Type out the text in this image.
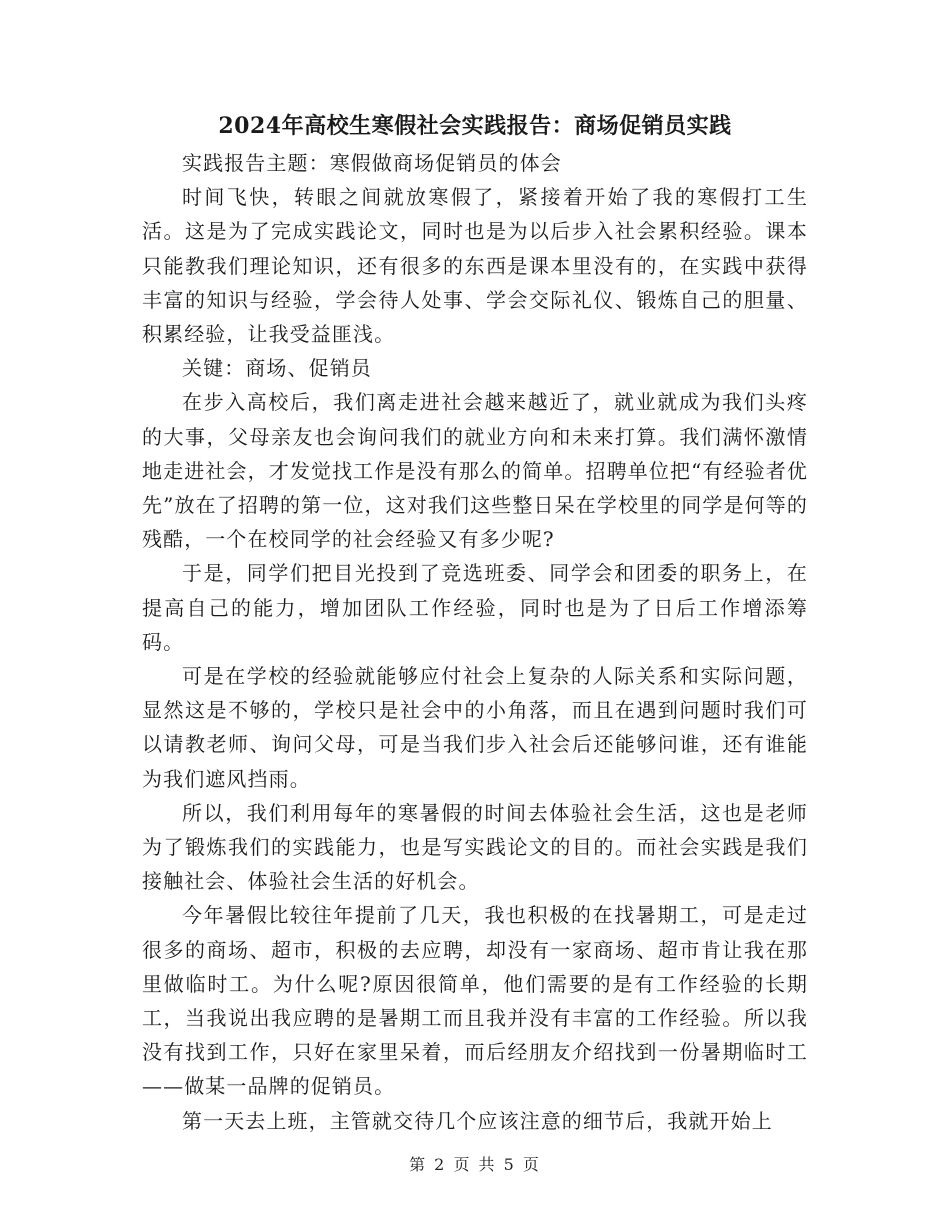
2024年高校生寒假社会实践报告：商场促销员实践

实践报告主题：寒假做商场促销员的体会

时间飞快，转眼之间就放寒假了，紧接着开始了我的寒假打工生活。这是为了完成实践论文，同时也是为以后步入社会累积经验。课本只能教我们理论知识，还有很多的东西是课本里没有的，在实践中获得丰富的知识与经验，学会待人处事、学会交际礼仪、锻炼自己的胆量、积累经验，让我受益匪浅。

关键：商场、促销员

在步入高校后，我们离走进社会越来越近了，就业就成为我们头疼的大事，父母亲友也会询问我们的就业方向和未来打算。我们满怀激情地走进社会，才发觉找工作是没有那么的简单。招聘单位把“有经验者优先”放在了招聘的第一位，这对我们这些整日呆在学校里的同学是何等的残酷，一个在校同学的社会经验又有多少呢?

于是，同学们把目光投到了竞选班委、同学会和团委的职务上，在提高自己的能力，增加团队工作经验，同时也是为了日后工作增添筹码。

可是在学校的经验就能够应付社会上复杂的人际关系和实际问题，显然这是不够的，学校只是社会中的小角落，而且在遇到问题时我们可以请教老师、询问父母，可是当我们步入社会后还能够问谁，还有谁能为我们遮风挡雨。

所以，我们利用每年的寒暑假的时间去体验社会生活，这也是老师为了锻炼我们的实践能力，也是写实践论文的目的。而社会实践是我们接触社会、体验社会生活的好机会。

今年暑假比较往年提前了几天，我也积极的在找暑期工，可是走过很多的商场、超市，积极的去应聘，却没有一家商场、超市肯让我在那里做临时工。为什么呢?原因很简单，他们需要的是有工作经验的长期工，当我说出我应聘的是暑期工而且我并没有丰富的工作经验。所以我没有找到工作，只好在家里呆着，而后经朋友介绍找到一份暑期临时工——做某一品牌的促销员。

第一天去上班，主管就交待几个应该注意的细节后，我就开始上

第 2 页 共 5 页
